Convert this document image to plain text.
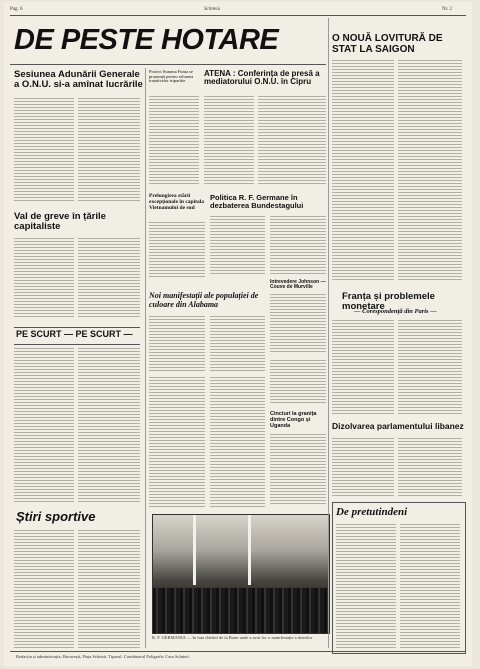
Pag. 6	Scînteia	Nr. 2
DE PESTE HOTARE	O NOUĂ LOVITURĂ DE STAT LA SAIGON
Sesiunea Adunării Generale a O.N.U. si-a amînat lucrările
Proiect Summa Fuma se pronunță pentru reluarea tratativelor tripartite
ATENA : Conferința de presă a mediatorului O.N.U. în Cipru
Val de greve în țările capitaliste
Prelungirea stării excepționale în capitala Vietnamului de sud
Politica R. F. Germane în dezbaterea Bundestagului
Intrevedere Johnson — Couve de Murville
Franța și problemele monetare
— Corespondență din Paris —
Noi manifestații ale populației de culoare din Alabama
PE SCURT — PE SCURT —
Cinciuri la granița dintre Congo și Uganda	Dizolvarea parlamentului libanez
Știri sportive
R. F. GERMANIA — In fata clădirii de la Bonn unde a avut loc o manifestație a tinerilor
De pretutindeni
Redacția și administrația: București, Piața Scînteii. Tiparul: Combinatul Poligrafic Casa Scînteii.
